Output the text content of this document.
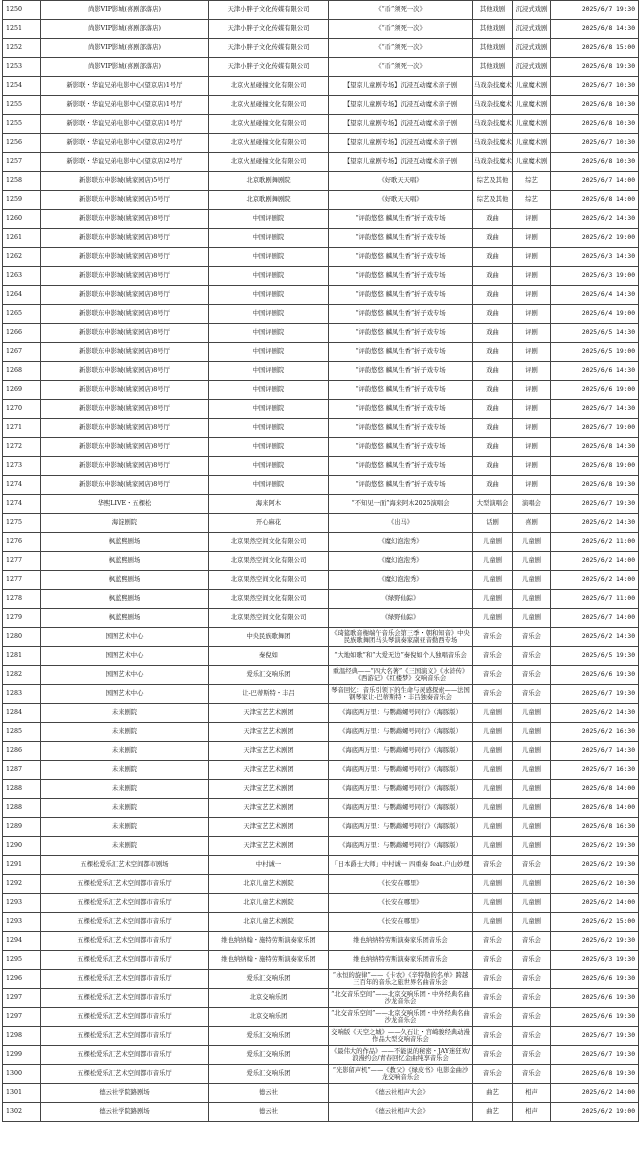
1250	尚影VIP影城(喜剧部落店)	天津小胖子文化传媒有限公司	《“币”须死一次》	其他戏剧	沉浸式戏剧	2025/6/7 19:30
1251	尚影VIP影城(喜剧部落店)	天津小胖子文化传媒有限公司	《“币”须死一次》	其他戏剧	沉浸式戏剧	2025/6/8 14:30
1252	尚影VIP影城(喜剧部落店)	天津小胖子文化传媒有限公司	《“币”须死一次》	其他戏剧	沉浸式戏剧	2025/6/8 15:00
1253	尚影VIP影城(喜剧部落店)	天津小胖子文化传媒有限公司	《“币”须死一次》	其他戏剧	沉浸式戏剧	2025/6/8 19:30
1254	新影联・华谊兄弟电影中心(望京店)1号厅	北京火星碰撞文化有限公司	【望京儿童剧专场】沉浸互动魔术亲子剧	马戏杂技魔术	儿童魔术剧	2025/6/7 10:30
1255	新影联・华谊兄弟电影中心(望京店)1号厅	北京火星碰撞文化有限公司	【望京儿童剧专场】沉浸互动魔术亲子剧	马戏杂技魔术	儿童魔术剧	2025/6/8 10:30
1255	新影联・华谊兄弟电影中心(望京店)1号厅	北京火星碰撞文化有限公司	【望京儿童剧专场】沉浸互动魔术亲子剧	马戏杂技魔术	儿童魔术剧	2025/6/8 10:30
1256	新影联・华谊兄弟电影中心(望京店)2号厅	北京火星碰撞文化有限公司	【望京儿童剧专场】沉浸互动魔术亲子剧	马戏杂技魔术	儿童魔术剧	2025/6/7 10:30
1257	新影联・华谊兄弟电影中心(望京店)2号厅	北京火星碰撞文化有限公司	【望京儿童剧专场】沉浸互动魔术亲子剧	马戏杂技魔术	儿童魔术剧	2025/6/8 10:30
1258	新影联东申影城(姚家园店)5号厅	北京歌剧舞剧院	《好歌天天唱》	综艺及其他	综艺	2025/6/7 14:00
1259	新影联东申影城(姚家园店)5号厅	北京歌剧舞剧院	《好歌天天唱》	综艺及其他	综艺	2025/6/8 14:00
1260	新影联东申影城(姚家园店)8号厅	中国评剧院	“评韵悠悠 麟凤生香”折子戏专场	戏曲	评剧	2025/6/2 14:30
1261	新影联东申影城(姚家园店)8号厅	中国评剧院	“评韵悠悠 麟凤生香”折子戏专场	戏曲	评剧	2025/6/2 19:00
1262	新影联东申影城(姚家园店)8号厅	中国评剧院	“评韵悠悠 麟凤生香”折子戏专场	戏曲	评剧	2025/6/3 14:30
1263	新影联东申影城(姚家园店)8号厅	中国评剧院	“评韵悠悠 麟凤生香”折子戏专场	戏曲	评剧	2025/6/3 19:00
1264	新影联东申影城(姚家园店)8号厅	中国评剧院	“评韵悠悠 麟凤生香”折子戏专场	戏曲	评剧	2025/6/4 14:30
1265	新影联东申影城(姚家园店)8号厅	中国评剧院	“评韵悠悠 麟凤生香”折子戏专场	戏曲	评剧	2025/6/4 19:00
1266	新影联东申影城(姚家园店)8号厅	中国评剧院	“评韵悠悠 麟凤生香”折子戏专场	戏曲	评剧	2025/6/5 14:30
1267	新影联东申影城(姚家园店)8号厅	中国评剧院	“评韵悠悠 麟凤生香”折子戏专场	戏曲	评剧	2025/6/5 19:00
1268	新影联东申影城(姚家园店)8号厅	中国评剧院	“评韵悠悠 麟凤生香”折子戏专场	戏曲	评剧	2025/6/6 14:30
1269	新影联东申影城(姚家园店)8号厅	中国评剧院	“评韵悠悠 麟凤生香”折子戏专场	戏曲	评剧	2025/6/6 19:00
1270	新影联东申影城(姚家园店)8号厅	中国评剧院	“评韵悠悠 麟凤生香”折子戏专场	戏曲	评剧	2025/6/7 14:30
1271	新影联东申影城(姚家园店)8号厅	中国评剧院	“评韵悠悠 麟凤生香”折子戏专场	戏曲	评剧	2025/6/7 19:00
1272	新影联东申影城(姚家园店)8号厅	中国评剧院	“评韵悠悠 麟凤生香”折子戏专场	戏曲	评剧	2025/6/8 14:30
1273	新影联东申影城(姚家园店)8号厅	中国评剧院	“评韵悠悠 麟凤生香”折子戏专场	戏曲	评剧	2025/6/8 19:00
1274	新影联东申影城(姚家园店)8号厅	中国评剧院	“评韵悠悠 麟凤生香”折子戏专场	戏曲	评剧	2025/6/8 19:30
1274	华熙LIVE・五棵松	海来阿木	“不知见一面”海来阿木2025演唱会	大型演唱会	演唱会	2025/6/7 19:30
1275	海淀剧院	开心麻花	《出马》	话剧	喜剧	2025/6/2 14:30
1276	枫蓝熙剧场	北京果然空间文化有限公司	《魔幻泡泡秀》	儿童剧	儿童剧	2025/6/2 11:00
1277	枫蓝熙剧场	北京果然空间文化有限公司	《魔幻泡泡秀》	儿童剧	儿童剧	2025/6/2 14:00
1277	枫蓝熙剧场	北京果然空间文化有限公司	《魔幻泡泡秀》	儿童剧	儿童剧	2025/6/2 14:00
1278	枫蓝熙剧场	北京果然空间文化有限公司	《绿野仙踪》	儿童剧	儿童剧	2025/6/7 11:00
1279	枫蓝熙剧场	北京果然空间文化有限公司	《绿野仙踪》	儿童剧	儿童剧	2025/6/7 14:00
1280	国图艺术中心	中央民族歌舞团	《琦筵歌音榭端午音乐会第三季・朝和知音》中央民族歌舞团马头琴演奏家副亚音勤西专场	音乐会	音乐会	2025/6/2 14:30
1281	国图艺术中心	秦倪如	“大地如歌”和“大爱无边”秦倪如个人独唱音乐会	音乐会	音乐会	2025/6/5 19:30
1282	国图艺术中心	爱乐汇交响乐团	重温经典——“四大名著”《三国演义》《水浒传》《西游记》《红楼梦》交响音乐会	音乐会	音乐会	2025/6/6 19:30
1283	国图艺术中心	让-巴蒂斯特・丰吕	琴音回忆：音乐引领下的生命与灵感探索——法国钢琴家让-巴蒂斯特・丰吕独奏音乐会	音乐会	音乐会	2025/6/7 19:30
1284	未来剧院	天津宝艺艺术剧团	《海底两万里：与鹦鹉螺号同行》（海豚版）	儿童剧	儿童剧	2025/6/2 14:30
1285	未来剧院	天津宝艺艺术剧团	《海底两万里：与鹦鹉螺号同行》（海豚版）	儿童剧	儿童剧	2025/6/2 16:30
1286	未来剧院	天津宝艺艺术剧团	《海底两万里：与鹦鹉螺号同行》（海豚版）	儿童剧	儿童剧	2025/6/7 14:30
1287	未来剧院	天津宝艺艺术剧团	《海底两万里：与鹦鹉螺号同行》（海豚版）	儿童剧	儿童剧	2025/6/7 16:30
1288	未来剧院	天津宝艺艺术剧团	《海底两万里：与鹦鹉螺号同行》（海豚版）	儿童剧	儿童剧	2025/6/8 14:00
1288	未来剧院	天津宝艺艺术剧团	《海底两万里：与鹦鹉螺号同行》（海豚版）	儿童剧	儿童剧	2025/6/8 14:00
1289	未来剧院	天津宝艺艺术剧团	《海底两万里：与鹦鹉螺号同行》（海豚版）	儿童剧	儿童剧	2025/6/8 16:30
1290	未来剧院	天津宝艺艺术剧团	《海底两万里：与鹦鹉螺号同行》（海豚版）	儿童剧	儿童剧	2025/6/2 19:30
1291	五棵松爱乐汇艺术空间都市剧场	中村诚一	「日本爵士大师」中村诚一 四重奏 feat.户山妙理	音乐会	音乐会	2025/6/2 19:30
1292	五棵松爱乐汇艺术空间都市音乐厅	北京儿童艺术剧院	《长安在哪里》	儿童剧	儿童剧	2025/6/2 10:30
1293	五棵松爱乐汇艺术空间都市音乐厅	北京儿童艺术剧院	《长安在哪里》	儿童剧	儿童剧	2025/6/2 14:00
1293	五棵松爱乐汇艺术空间都市音乐厅	北京儿童艺术剧院	《长安在哪里》	儿童剧	儿童剧	2025/6/2 15:00
1294	五棵松爱乐汇艺术空间都市音乐厅	维也纳纳翰・施特劳斯演奏家乐团	维也纳纳特劳斯演奏家乐团音乐会	音乐会	音乐会	2025/6/2 19:30
1295	五棵松爱乐汇艺术空间都市音乐厅	维也纳纳翰・施特劳斯演奏家乐团	维也纳纳特劳斯演奏家乐团音乐会	音乐会	音乐会	2025/6/3 19:30
1296	五棵松爱乐汇艺术空间都市音乐厅	爱乐汇交响乐团	“永恒的旋律”——《卡农》《辛特勒的名单》跨越三百年的音乐之旅世界名曲音乐会	音乐会	音乐会	2025/6/6 19:30
1297	五棵松爱乐汇艺术空间都市音乐厅	北京交响乐团	“北交音乐空间”——北京交响乐团・中外经典名曲沙龙音乐会	音乐会	音乐会	2025/6/6 19:30
1297	五棵松爱乐汇艺术空间都市音乐厅	北京交响乐团	“北交音乐空间”——北京交响乐团・中外经典名曲沙龙音乐会	音乐会	音乐会	2025/6/6 19:30
1298	五棵松爱乐汇艺术空间都市音乐厅	爱乐汇交响乐团	交响版《天空之城》——久石让・宫崎骏经典动漫作品大型交响音乐会	音乐会	音乐会	2025/6/7 19:30
1299	五棵松爱乐汇艺术空间都市音乐厅	爱乐汇交响乐团	《最伟大的作品》——不能说的秘密・JAY迷狂欢/浪漫约会/青春回忆金曲纯享音乐会	音乐会	音乐会	2025/6/7 19:30
1300	五棵松爱乐汇艺术空间都市音乐厅	爱乐汇交响乐团	“光影留声机”——《教父》《绿皮书》电影金曲沙龙交响音乐会	音乐会	音乐会	2025/6/8 19:30
1301	德云社学院路剧场	德云社	《德云社相声大会》	曲艺	相声	2025/6/2 14:00
1302	德云社学院路剧场	德云社	《德云社相声大会》	曲艺	相声	2025/6/2 19:00
